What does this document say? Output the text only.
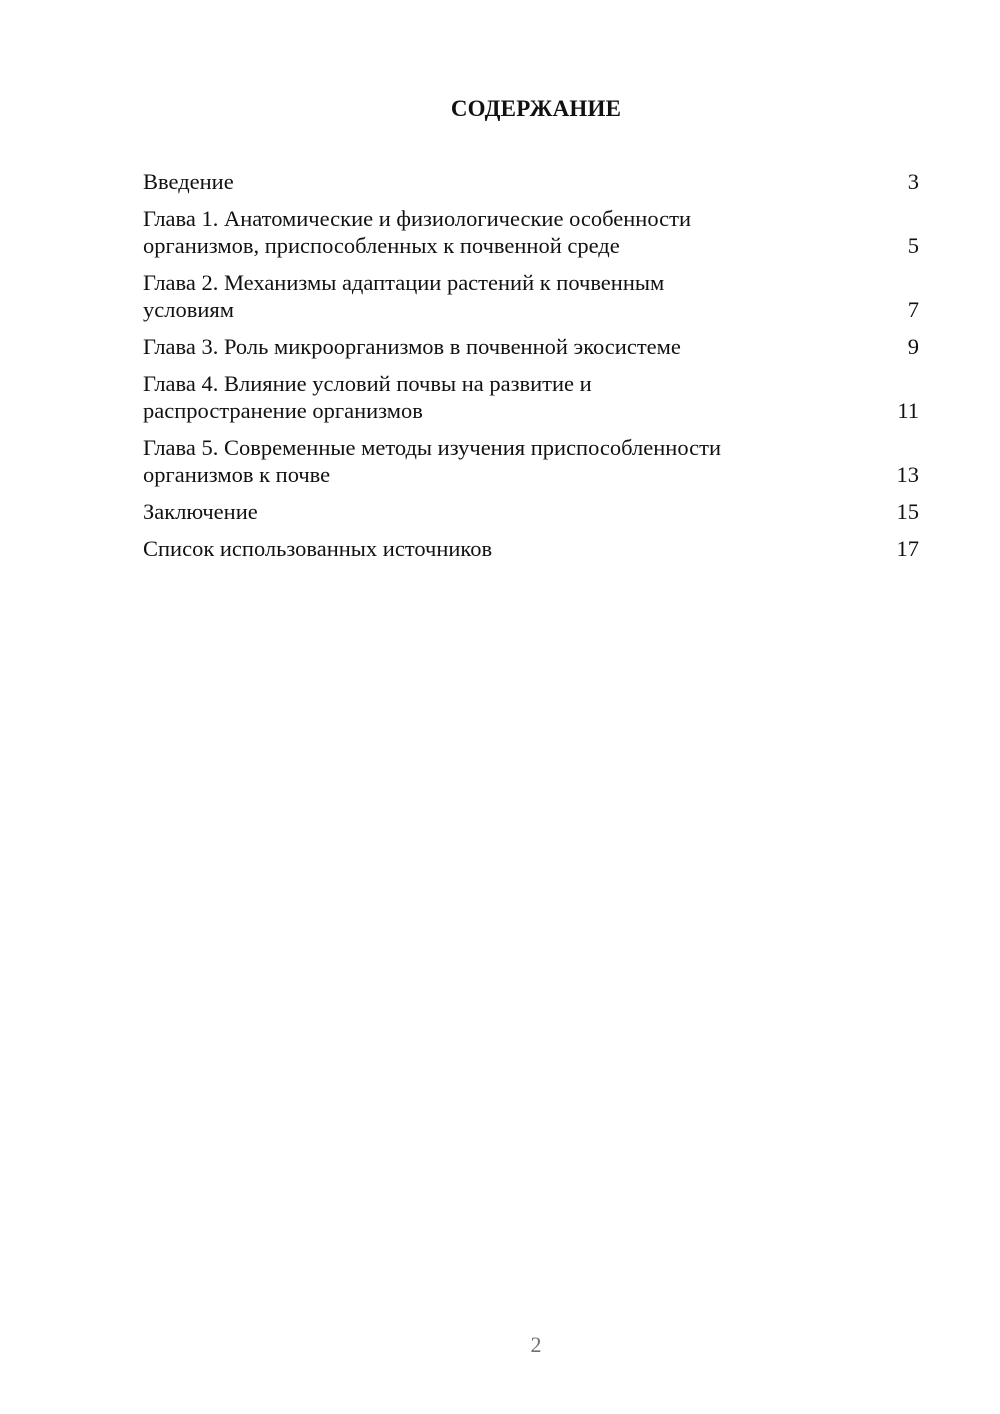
СОДЕРЖАНИЕ
Введение	3
Глава 1. Анатомические и физиологические особенности
организмов, приспособленных к почвенной среде	5
Глава 2. Механизмы адаптации растений к почвенным
условиям	7
Глава 3. Роль микроорганизмов в почвенной экосистеме	9
Глава 4. Влияние условий почвы на развитие и
распространение организмов	11
Глава 5. Современные методы изучения приспособленности
организмов к почве	13
Заключение	15
Список использованных источников	17
2
